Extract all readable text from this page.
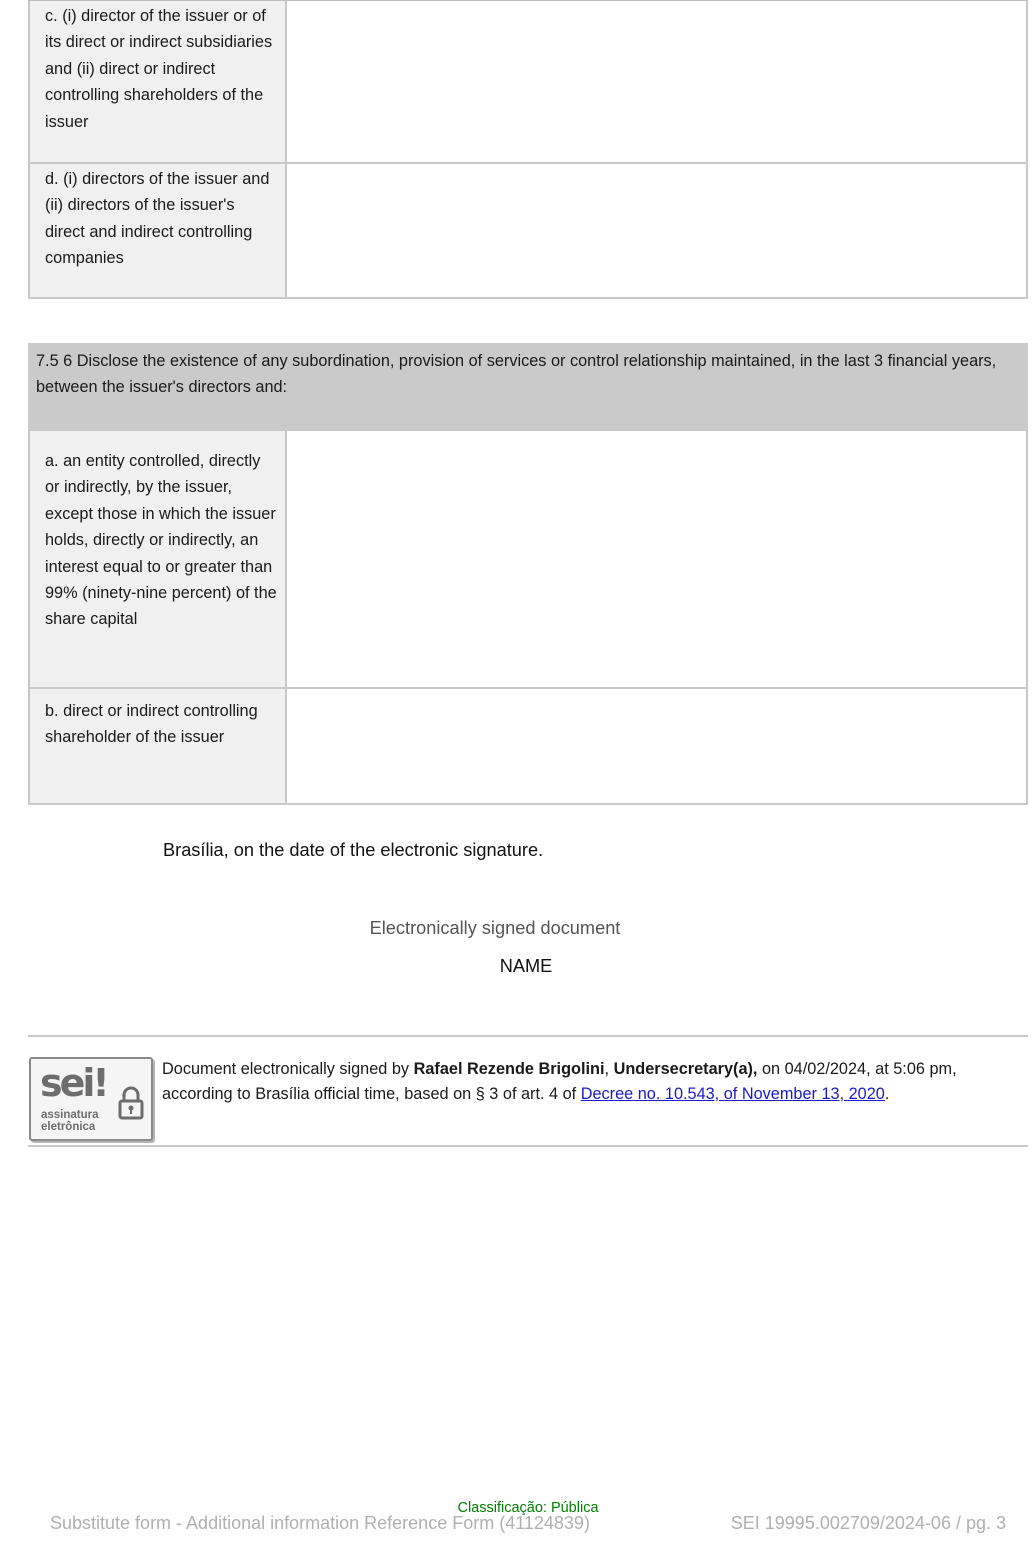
c. (i) director of the issuer or of its direct or indirect subsidiaries and (ii) direct or indirect controlling shareholders of the issuer
d. (i) directors of the issuer and (ii) directors of the issuer's direct and indirect controlling companies
7.5 6 Disclose the existence of any subordination, provision of services or control relationship maintained, in the last 3 financial years, between the issuer's directors and:
a. an entity controlled, directly or indirectly, by the issuer, except those in which the issuer holds, directly or indirectly, an interest equal to or greater than 99% (ninety-nine percent) of the share capital
b. direct or indirect controlling shareholder of the issuer
Brasília, on the date of the electronic signature.
Electronically signed document
NAME
sei!
assinatura
eletrônica
Document electronically signed by Rafael Rezende Brigolini, Undersecretary(a), on 04/02/2024, at 5:06 pm, according to Brasília official time, based on § 3 of art. 4 of Decree no. 10.543, of November 13, 2020.
Substitute form - Additional information Reference Form (41124839)	SEI 19995.002709/2024-06 / pg. 3
Classificação: Pública
